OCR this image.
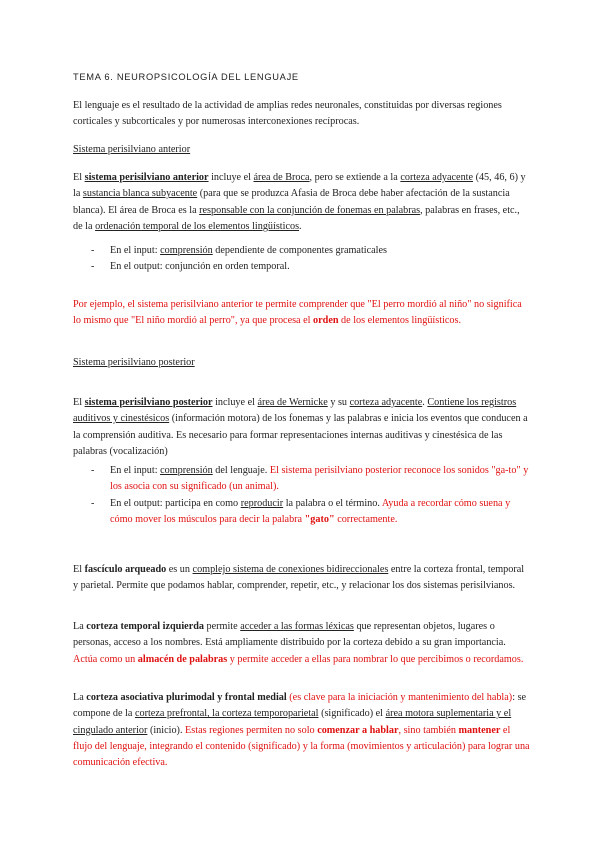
TEMA 6. NEUROPSICOLOGÍA DEL LENGUAJE
El lenguaje es el resultado de la actividad de amplias redes neuronales, constituidas por diversas regiones corticales y subcorticales y por numerosas interconexiones recíprocas.
Sistema perisilviano anterior
El sistema perisilviano anterior incluye el área de Broca, pero se extiende a la corteza adyacente (45, 46, 6) y la sustancia blanca subyacente (para que se produzca Afasia de Broca debe haber afectación de la sustancia blanca). El área de Broca es la responsable con la conjunción de fonemas en palabras, palabras en frases, etc., de la ordenación temporal de los elementos lingüísticos.
- En el input: comprensión dependiente de componentes gramaticales
- En el output: conjunción en orden temporal.
Por ejemplo, el sistema perisilviano anterior te permite comprender que "El perro mordió al niño" no significa lo mismo que "El niño mordió al perro", ya que procesa el orden de los elementos lingüísticos.
Sistema perisilviano posterior
El sistema perisilviano posterior incluye el área de Wernicke y su corteza adyacente. Contiene los registros auditivos y cinestésicos (información motora) de los fonemas y las palabras e inicia los eventos que conducen a la comprensión auditiva. Es necesario para formar representaciones internas auditivas y cinestésica de las palabras (vocalización)
- En el input: comprensión del lenguaje. El sistema perisilviano posterior reconoce los sonidos "ga-to" y los asocia con su significado (un animal).
- En el output: participa en como reproducir la palabra o el término. Ayuda a recordar cómo suena y cómo mover los músculos para decir la palabra "gato" correctamente.
El fascículo arqueado es un complejo sistema de conexiones bidireccionales entre la corteza frontal, temporal y parietal. Permite que podamos hablar, comprender, repetir, etc., y relacionar los dos sistemas perisilvianos.
La corteza temporal izquierda permite acceder a las formas léxicas que representan objetos, lugares o personas, acceso a los nombres. Está ampliamente distribuido por la corteza debido a su gran importancia. Actúa como un almacén de palabras y permite acceder a ellas para nombrar lo que percibimos o recordamos.
La corteza asociativa plurimodal y frontal medial (es clave para la iniciación y mantenimiento del habla): se compone de la corteza prefrontal, la corteza temporoparietal (significado) el área motora suplementaria y el cingulado anterior (inicio). Estas regiones permiten no solo comenzar a hablar, sino también mantener el flujo del lenguaje, integrando el contenido (significado) y la forma (movimientos y articulación) para lograr una comunicación efectiva.
